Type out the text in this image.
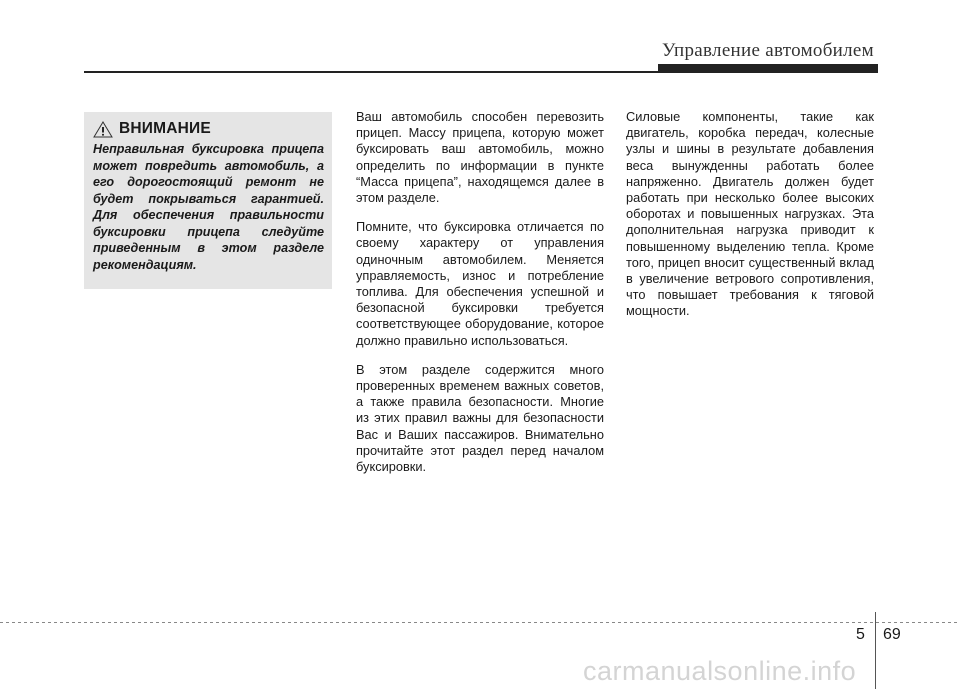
Управление автомобилем
ВНИМАНИЕ

Неправильная буксировка прицепа может повредить автомобиль, а его дорогостоящий ремонт не будет покрываться гарантией. Для обеспечения правильности буксировки прицепа следуйте приведенным в этом разделе рекомендациям.

Ваш автомобиль способен перевозить прицеп. Массу прицепа, которую может буксировать ваш автомобиль, можно определить по информации в пункте “Масса прицепа”, находящемся далее в этом разделе.

Помните, что буксировка отличается по своему характеру от управления одиночным автомобилем. Меняется управляемость, износ и потребление топлива. Для обеспечения успешной и безопасной буксировки требуется соответствующее оборудование, которое должно правильно использоваться.

В этом разделе содержится много проверенных временем важных советов, а также правила безопасности. Многие из этих правил важны для безопасности Вас и Ваших пассажиров. Внимательно прочитайте этот раздел перед началом буксировки.

Силовые компоненты, такие как двигатель, коробка передач, колесные узлы и шины в результате добавления веса вынужденны работать более напряженно. Двигатель должен будет работать при несколько более высоких оборотах и повышенных нагрузках. Эта дополнительная нагрузка приводит к повышенному выделению тепла. Кроме того, прицеп вносит существенный вклад в увеличение ветрового сопротивления, что повышает требования к тяговой мощности.

5 69
carmanualsonline.info
